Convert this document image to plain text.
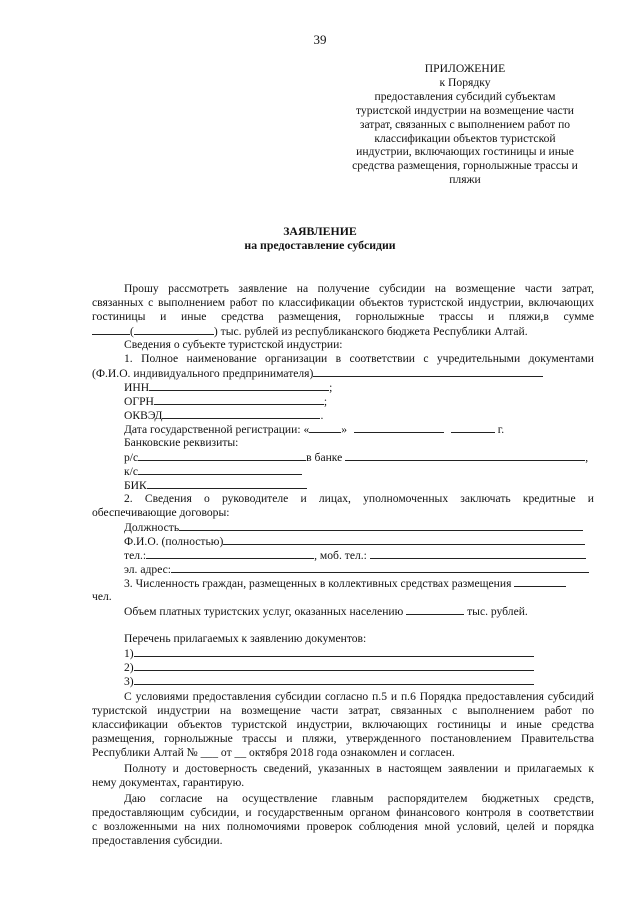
39
ПРИЛОЖЕНИЕ
к Порядку
предоставления субсидий субъектам
туристской индустрии на возмещение части
затрат, связанных с выполнением работ по
классификации объектов туристской
индустрии, включающих гостиницы и иные
средства размещения, горнолыжные трассы и
пляжи
ЗАЯВЛЕНИЕ
на предоставление субсидии
Прошу рассмотреть заявление на получение субсидии на возмещение части затрат,
связанных с выполнением работ по классификации объектов туристской индустрии, включающих
гостиницы и иные средства размещения, горнолыжные трассы и пляжи,в сумме
(	) тыс. рублей из республиканского бюджета Республики Алтай.
Сведения о субъекте туристской индустрии:
1. Полное наименование организации в соответствии с учредительными документами
(Ф.И.О. индивидуального предпринимателя)
ИНН	;
ОГРН	;
ОКВЭД	.
Дата государственной регистрации: «	»	г.
Банковские реквизиты:
р/с	в банке	,
к/с
БИК
2. Сведения о руководителе и лицах, уполномоченных заключать кредитные и
обеспечивающие договоры:
Должность
Ф.И.О. (полностью)
тел.:	, моб. тел.:
эл. адрес:
3. Численность граждан, размещенных в коллективных средствах размещения
чел.
Объем платных туристских услуг, оказанных населению	тыс. рублей.
Перечень прилагаемых к заявлению документов:
1)
2)
3)
С условиями предоставления субсидии согласно п.5 и п.6 Порядка предоставления субсидий
туристской индустрии на возмещение части затрат, связанных с выполнением работ по
классификации объектов туристской индустрии, включающих гостиницы и иные средства
размещения, горнолыжные трассы и пляжи, утвержденного постановлением Правительства
Республики Алтай № ___ от __ октября 2018 года ознакомлен и согласен.
Полноту и достоверность сведений, указанных в настоящем заявлении и прилагаемых к
нему документах, гарантирую.
Даю согласие на осуществление главным распорядителем бюджетных средств,
предоставляющим субсидии, и государственным органом финансового контроля в соответствии
с возложенными на них полномочиями проверок соблюдения мной условий, целей и порядка
предоставления субсидии.
